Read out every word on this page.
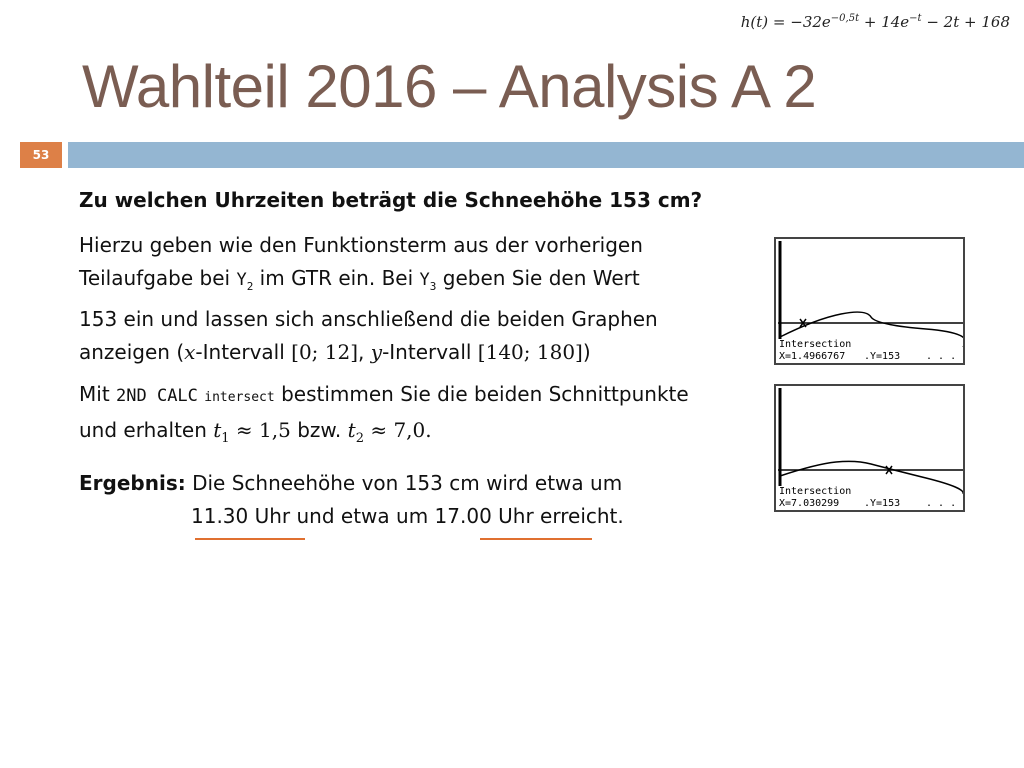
$h(t) = -32e^{-0,5t} + 14e^{-t} - 2t + 168$
Wahlteil 2016 – Analysis A 2
53
Zu welchen Uhrzeiten beträgt die Schneehöhe 153 cm?
Hierzu geben wie den Funktionsterm aus der vorherigen
Teilaufgabe bei $Y_2$ im GTR ein. Bei $Y_3$ geben Sie den Wert
153 ein und lassen sich anschließend die beiden Graphen
anzeigen (x-Intervall [0; 12], y-Intervall [140; 180])
Mit 2ND CALC intersect bestimmen Sie die beiden Schnittpunkte
und erhalten $t_1 \approx 1,5$ bzw. $t_2 \approx 7,0$.
Ergebnis: Die Schneehöhe von 153 cm wird etwa um
11.30 Uhr und etwa um 17.00 Uhr erreicht.
Intersection
X=1.4966767 .Y=153	. . .
Intersection
X=7.030299 .Y=153	. . .
